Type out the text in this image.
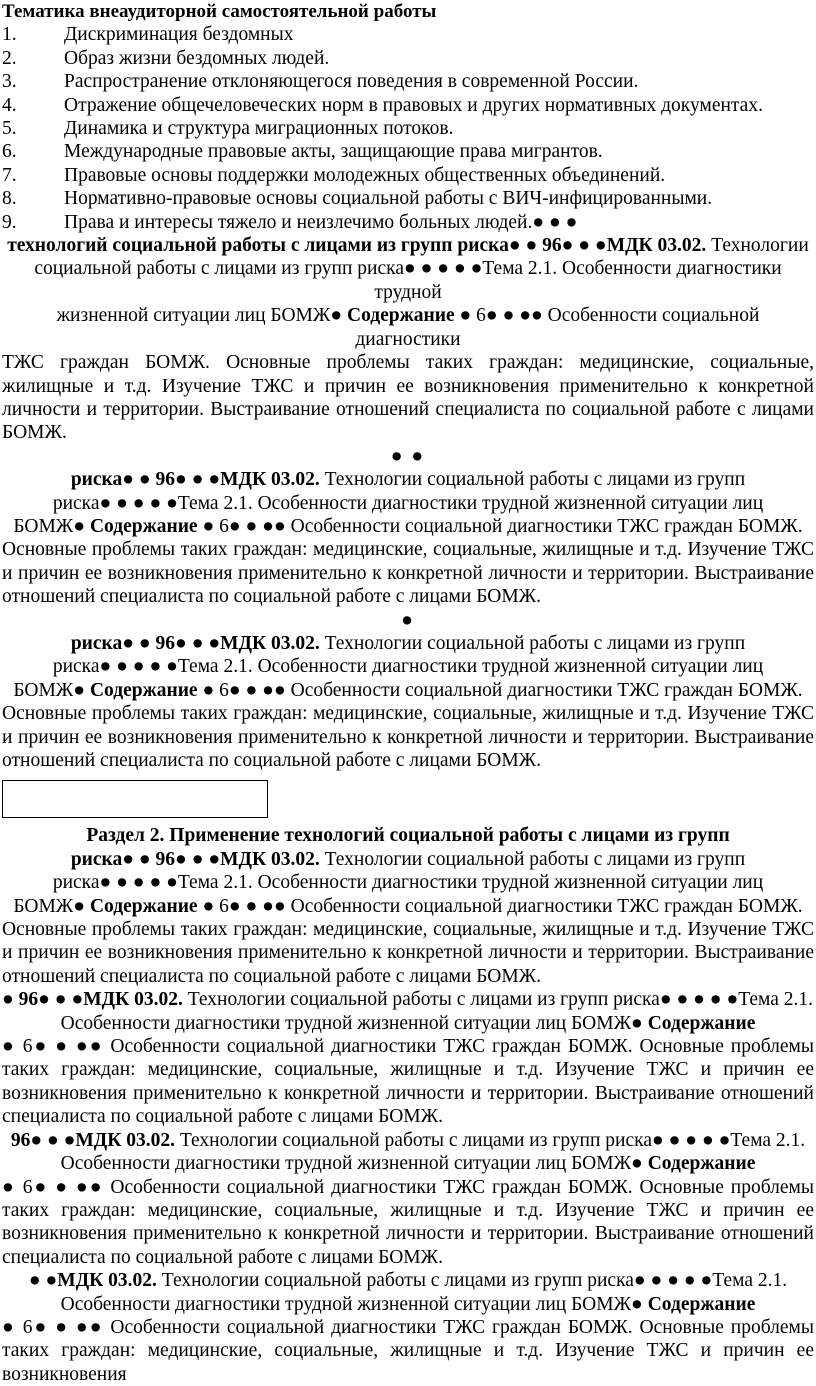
Тематика внеаудиторной самостоятельной работы
1.	Дискриминация бездомных
2.	Образ жизни бездомных людей.
3.	Распространение отклоняющегося поведения в современной России.
4.	Отражение общечеловеческих норм в правовых и других нормативных документах.
5.	Динамика и структура миграционных потоков.
6.	Международные правовые акты, защищающие права мигрантов.
7.	Правовые основы поддержки молодежных общественных объединений.
8.	Нормативно-правовые основы социальной работы с ВИЧ-инфицированными.
9.	Права и интересы тяжело и неизлечимо больных людей.● ● ●
технологий социальной работы с лицами из групп риска● ● 96● ● ●МДК 03.02. Технологии
социальной работы с лицами из групп риска● ● ● ● ●Тема 2.1. Особенности диагностики трудной
жизненной ситуации лиц БОМЖ● Содержание ● 6● ● ●● Особенности социальной диагностики
ТЖС граждан БОМЖ. Основные проблемы таких граждан: медицинские, социальные, жилищные и т.д. Изучение ТЖС и причин ее возникновения применительно к конкретной личности и территории. Выстраивание отношений специалиста по социальной работе с лицами БОМЖ.
● ●
риска● ● 96● ● ●МДК 03.02. Технологии социальной работы с лицами из групп
риска● ● ● ● ●Тема 2.1. Особенности диагностики трудной жизненной ситуации лиц
БОМЖ● Содержание ● 6● ● ●● Особенности социальной диагностики ТЖС граждан БОМЖ.
Основные проблемы таких граждан: медицинские, социальные, жилищные и т.д. Изучение ТЖС и причин ее возникновения применительно к конкретной личности и территории. Выстраивание отношений специалиста по социальной работе с лицами БОМЖ.
●
риска● ● 96● ● ●МДК 03.02. Технологии социальной работы с лицами из групп
риска● ● ● ● ●Тема 2.1. Особенности диагностики трудной жизненной ситуации лиц
БОМЖ● Содержание ● 6● ● ●● Особенности социальной диагностики ТЖС граждан БОМЖ.
Основные проблемы таких граждан: медицинские, социальные, жилищные и т.д. Изучение ТЖС и причин ее возникновения применительно к конкретной личности и территории. Выстраивание отношений специалиста по социальной работе с лицами БОМЖ.
Раздел 2. Применение технологий социальной работы с лицами из групп
риска● ● 96● ● ●МДК 03.02. Технологии социальной работы с лицами из групп
риска● ● ● ● ●Тема 2.1. Особенности диагностики трудной жизненной ситуации лиц
БОМЖ● Содержание ● 6● ● ●● Особенности социальной диагностики ТЖС граждан БОМЖ.
Основные проблемы таких граждан: медицинские, социальные, жилищные и т.д. Изучение ТЖС и причин ее возникновения применительно к конкретной личности и территории. Выстраивание отношений специалиста по социальной работе с лицами БОМЖ.
● 96● ● ●МДК 03.02. Технологии социальной работы с лицами из групп риска● ● ● ● ●Тема 2.1.
Особенности диагностики трудной жизненной ситуации лиц БОМЖ● Содержание
● 6● ● ●● Особенности социальной диагностики ТЖС граждан БОМЖ. Основные проблемы таких граждан: медицинские, социальные, жилищные и т.д. Изучение ТЖС и причин ее возникновения применительно к конкретной личности и территории. Выстраивание отношений специалиста по социальной работе с лицами БОМЖ.
96● ● ●МДК 03.02. Технологии социальной работы с лицами из групп риска● ● ● ● ●Тема 2.1.
Особенности диагностики трудной жизненной ситуации лиц БОМЖ● Содержание
● 6● ● ●● Особенности социальной диагностики ТЖС граждан БОМЖ. Основные проблемы таких граждан: медицинские, социальные, жилищные и т.д. Изучение ТЖС и причин ее возникновения применительно к конкретной личности и территории. Выстраивание отношений специалиста по социальной работе с лицами БОМЖ.
● ●МДК 03.02. Технологии социальной работы с лицами из групп риска● ● ● ● ●Тема 2.1.
Особенности диагностики трудной жизненной ситуации лиц БОМЖ● Содержание
● 6● ● ●● Особенности социальной диагностики ТЖС граждан БОМЖ. Основные проблемы таких граждан: медицинские, социальные, жилищные и т.д. Изучение ТЖС и причин ее возникновения
